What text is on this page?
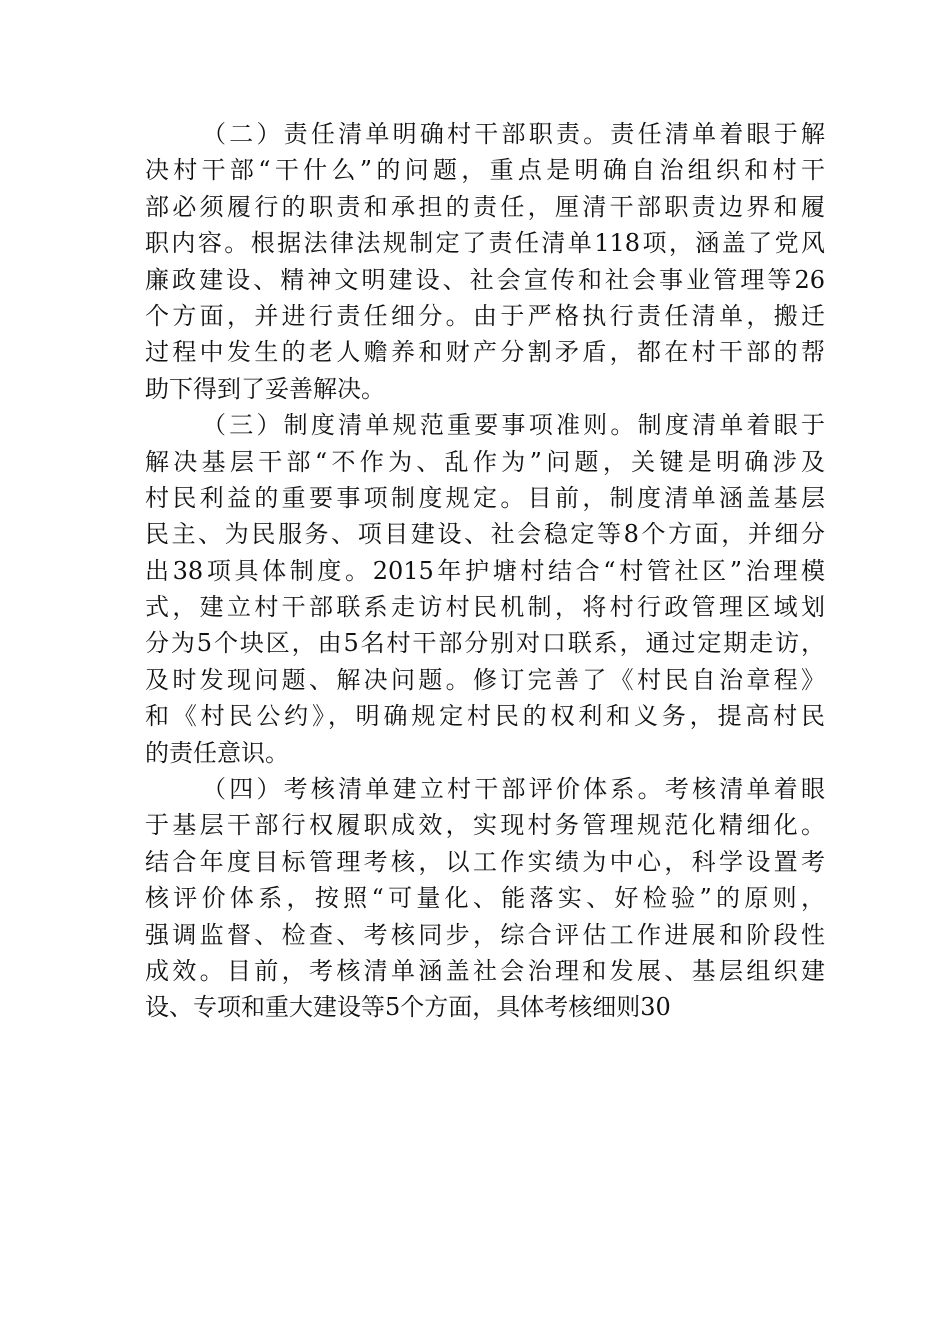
（二）责任清单明确村干部职责。责任清单着眼于解
决村干部“干什么”的问题，重点是明确自治组织和村干
部必须履行的职责和承担的责任，厘清干部职责边界和履
职内容。根据法律法规制定了责任清单118项，涵盖了党风
廉政建设、精神文明建设、社会宣传和社会事业管理等26
个方面，并进行责任细分。由于严格执行责任清单，搬迁
过程中发生的老人赡养和财产分割矛盾，都在村干部的帮
助下得到了妥善解决。
（三）制度清单规范重要事项准则。制度清单着眼于
解决基层干部“不作为、乱作为”问题，关键是明确涉及
村民利益的重要事项制度规定。目前，制度清单涵盖基层
民主、为民服务、项目建设、社会稳定等8个方面，并细分
出38项具体制度。2015年护塘村结合“村管社区”治理模
式，建立村干部联系走访村民机制，将村行政管理区域划
分为5个块区，由5名村干部分别对口联系，通过定期走访，
及时发现问题、解决问题。修订完善了《村民自治章程》
和《村民公约》，明确规定村民的权利和义务，提高村民
的责任意识。
（四）考核清单建立村干部评价体系。考核清单着眼
于基层干部行权履职成效，实现村务管理规范化精细化。
结合年度目标管理考核，以工作实绩为中心，科学设置考
核评价体系，按照“可量化、能落实、好检验”的原则，
强调监督、检查、考核同步，综合评估工作进展和阶段性
成效。目前，考核清单涵盖社会治理和发展、基层组织建
设、专项和重大建设等5个方面，具体考核细则30
